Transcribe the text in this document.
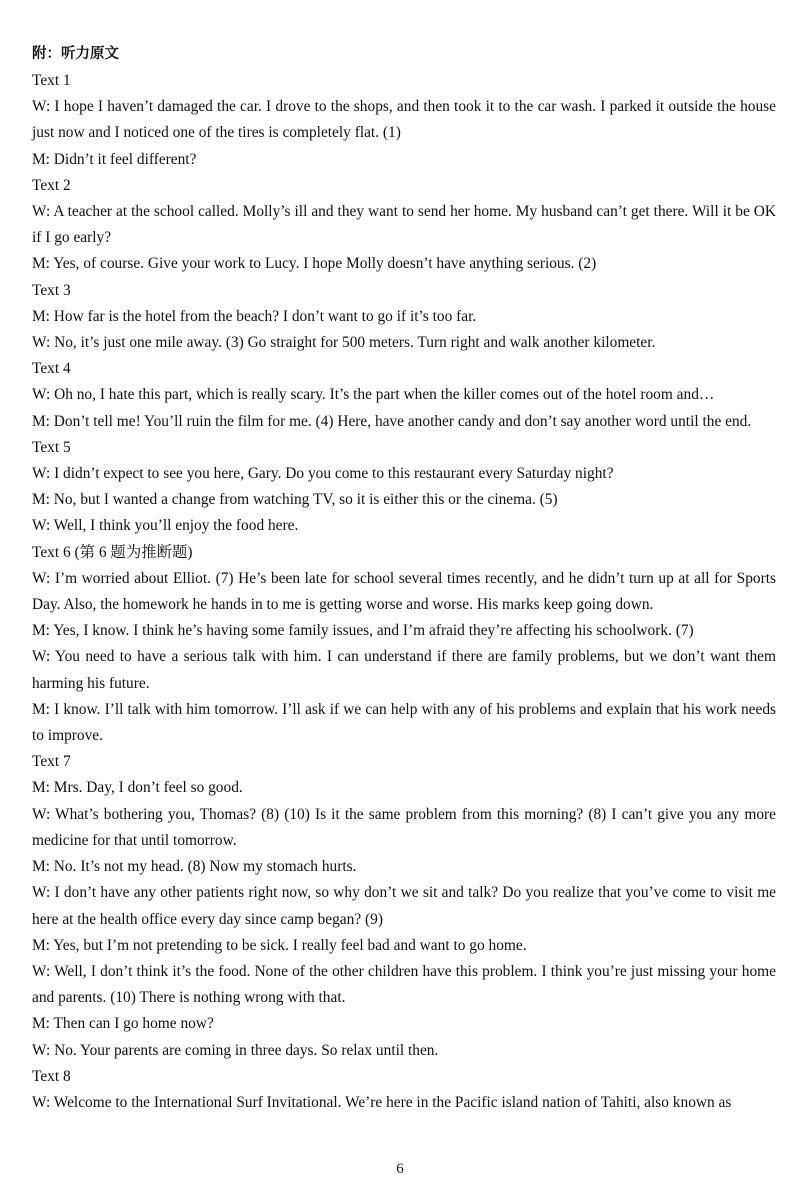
附：听力原文
Text 1
W: I hope I haven’t damaged the car. I drove to the shops, and then took it to the car wash. I parked it outside the house just now and I noticed one of the tires is completely flat. (1)
M: Didn’t it feel different?
Text 2
W: A teacher at the school called. Molly’s ill and they want to send her home. My husband can’t get there. Will it be OK if I go early?
M: Yes, of course. Give your work to Lucy. I hope Molly doesn’t have anything serious. (2)
Text 3
M: How far is the hotel from the beach? I don’t want to go if it’s too far.
W: No, it’s just one mile away. (3) Go straight for 500 meters. Turn right and walk another kilometer.
Text 4
W: Oh no, I hate this part, which is really scary. It’s the part when the killer comes out of the hotel room and…
M: Don’t tell me! You’ll ruin the film for me. (4) Here, have another candy and don’t say another word until the end.
Text 5
W: I didn’t expect to see you here, Gary. Do you come to this restaurant every Saturday night?
M: No, but I wanted a change from watching TV, so it is either this or the cinema. (5)
W: Well, I think you’ll enjoy the food here.
Text 6 (第 6 题为推断题)
W: I’m worried about Elliot. (7) He’s been late for school several times recently, and he didn’t turn up at all for Sports Day. Also, the homework he hands in to me is getting worse and worse. His marks keep going down.
M: Yes, I know. I think he’s having some family issues, and I’m afraid they’re affecting his schoolwork. (7)
W: You need to have a serious talk with him. I can understand if there are family problems, but we don’t want them harming his future.
M: I know. I’ll talk with him tomorrow. I’ll ask if we can help with any of his problems and explain that his work needs to improve.
Text 7
M: Mrs. Day, I don’t feel so good.
W: What’s bothering you, Thomas? (8) (10) Is it the same problem from this morning? (8) I can’t give you any more medicine for that until tomorrow.
M: No. It’s not my head. (8) Now my stomach hurts.
W: I don’t have any other patients right now, so why don’t we sit and talk? Do you realize that you’ve come to visit me here at the health office every day since camp began? (9)
M: Yes, but I’m not pretending to be sick. I really feel bad and want to go home.
W: Well, I don’t think it’s the food. None of the other children have this problem. I think you’re just missing your home and parents. (10) There is nothing wrong with that.
M: Then can I go home now?
W: No. Your parents are coming in three days. So relax until then.
Text 8
W: Welcome to the International Surf Invitational. We’re here in the Pacific island nation of Tahiti, also known as
6
